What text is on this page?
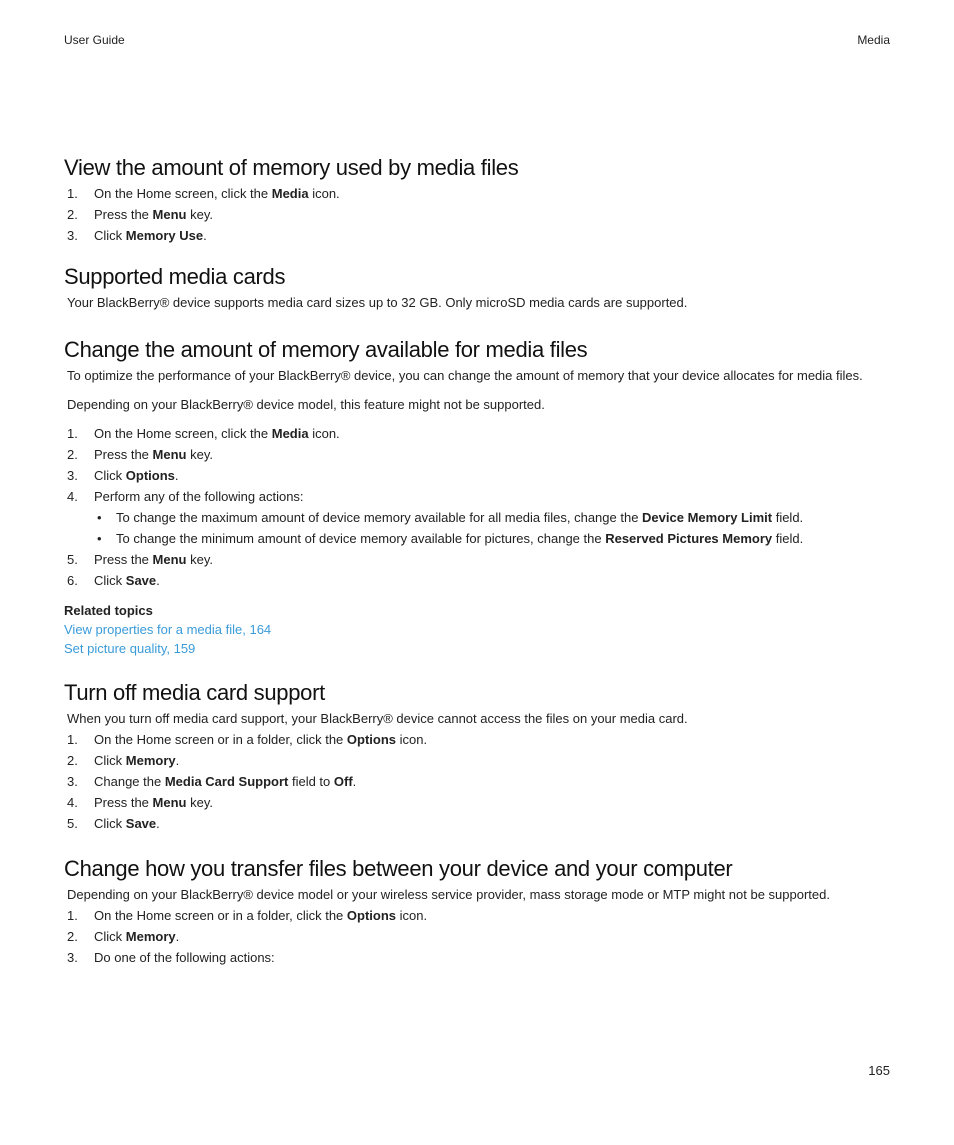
User Guide	Media
View the amount of memory used by media files
1. On the Home screen, click the Media icon.
2. Press the Menu key.
3. Click Memory Use.
Supported media cards

Your BlackBerry® device supports media card sizes up to 32 GB. Only microSD media cards are supported.

Change the amount of memory available for media files

To optimize the performance of your BlackBerry® device, you can change the amount of memory that your device allocates for media files.

Depending on your BlackBerry® device model, this feature might not be supported.

1. On the Home screen, click the Media icon.
2. Press the Menu key.
3. Click Options.
4. Perform any of the following actions:
• To change the maximum amount of device memory available for all media files, change the Device Memory Limit field.
• To change the minimum amount of device memory available for pictures, change the Reserved Pictures Memory field.
5. Press the Menu key.
6. Click Save.
Related topics
View properties for a media file, 164
Set picture quality, 159
Turn off media card support

When you turn off media card support, your BlackBerry® device cannot access the files on your media card.

1. On the Home screen or in a folder, click the Options icon.
2. Click Memory.
3. Change the Media Card Support field to Off.
4. Press the Menu key.
5. Click Save.
Change how you transfer files between your device and your computer

Depending on your BlackBerry® device model or your wireless service provider, mass storage mode or MTP might not be supported.

1. On the Home screen or in a folder, click the Options icon.
2. Click Memory.
3. Do one of the following actions:
165
